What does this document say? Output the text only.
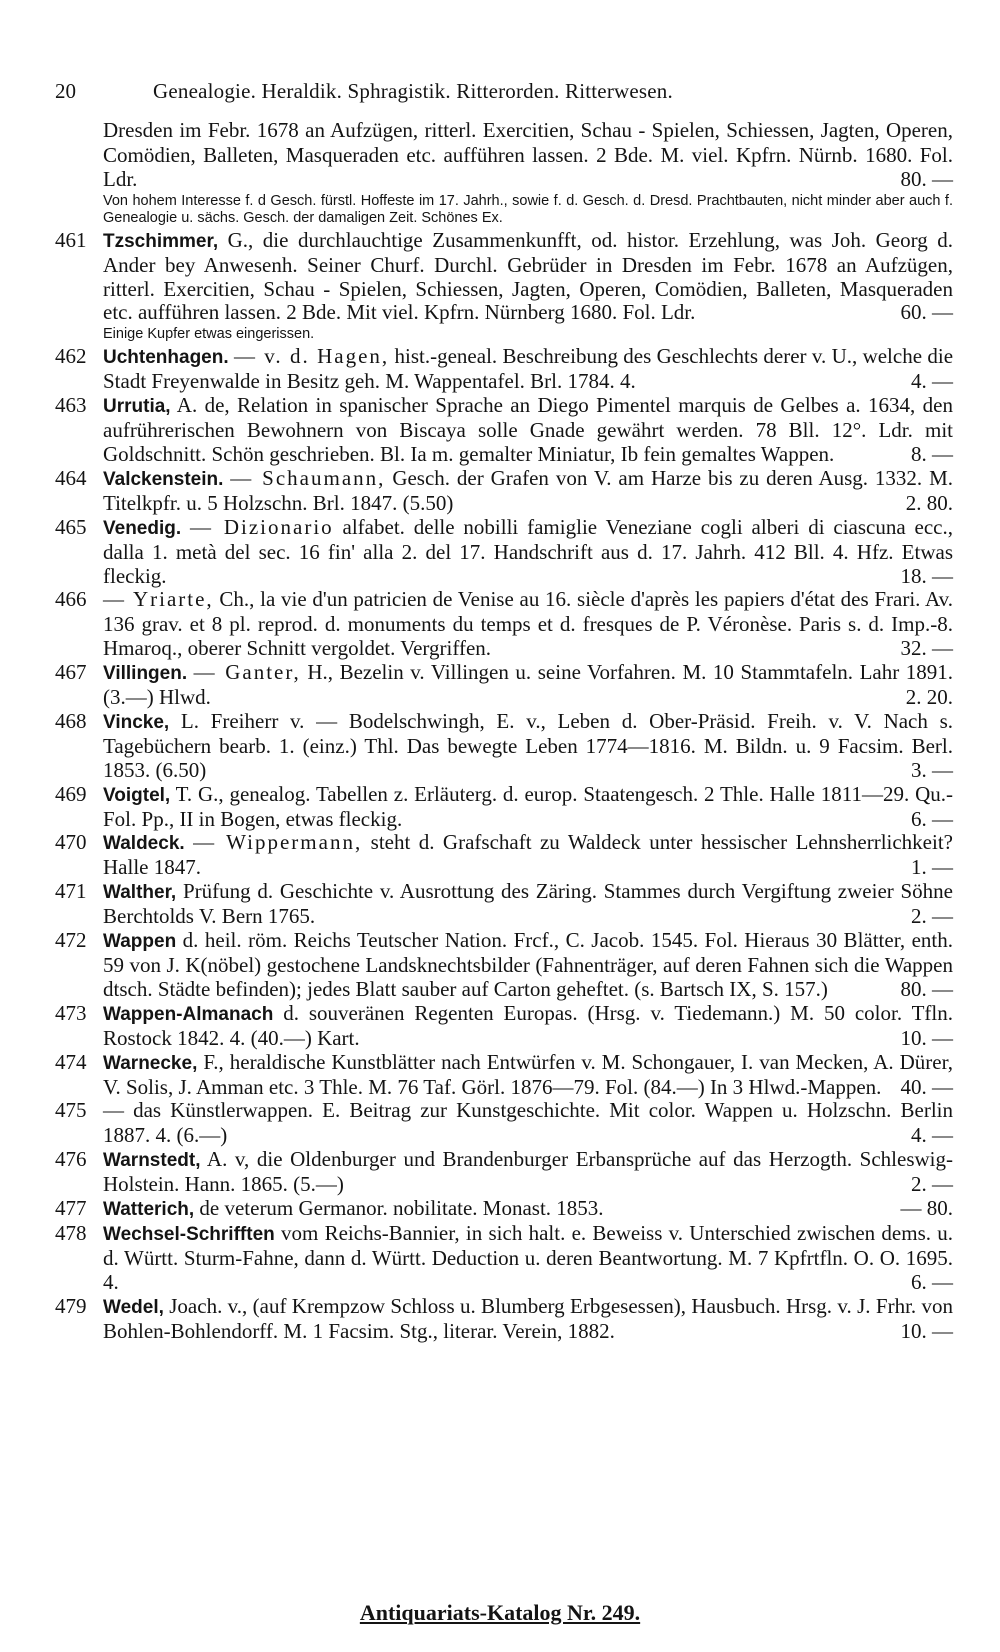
20	Genealogie. Heraldik. Sphragistik. Ritterorden. Ritterwesen.
Dresden im Febr. 1678 an Aufzügen, ritterl. Exercitien, Schau - Spielen, Schiessen, Jagten, Operen, Comödien, Balleten, Masqueraden etc. aufführen lassen. 2 Bde. M. viel. Kpfrn. Nürnb. 1680. Fol. Ldr.	80. —
Von hohem Interesse f. d Gesch. fürstl. Hoffeste im 17. Jahrh., sowie f. d. Gesch. d. Dresd. Prachtbauten, nicht minder aber auch f. Genealogie u. sächs. Gesch. der damaligen Zeit. Schönes Ex.
461 Tzschimmer, G., die durchlauchtige Zusammenkunfft, od. histor. Erzehlung, was Joh. Georg d. Ander bey Anwesenh. Seiner Churf. Durchl. Gebrüder in Dresden im Febr. 1678 an Aufzügen, ritterl. Exercitien, Schau - Spielen, Schiessen, Jagten, Operen, Comödien, Balleten, Masqueraden etc. aufführen lassen. 2 Bde. Mit viel. Kpfrn. Nürnberg 1680. Fol. Ldr.	60. —
Einige Kupfer etwas eingerissen.
462 Uchtenhagen. — v. d. Hagen, hist.-geneal. Beschreibung des Geschlechts derer v. U., welche die Stadt Freyenwalde in Besitz geh. M. Wappentafel. Brl. 1784. 4.	4. —
463 Urrutia, A. de, Relation in spanischer Sprache an Diego Pimentel marquis de Gelbes a. 1634, den aufrührerischen Bewohnern von Biscaya solle Gnade gewährt werden. 78 Bll. 12°. Ldr. mit Goldschnitt. Schön geschrieben. Bl. Ia m. gemalter Miniatur, Ib fein gemaltes Wappen.	8. —
464 Valckenstein. — Schaumann, Gesch. der Grafen von V. am Harze bis zu deren Ausg. 1332. M. Titelkpfr. u. 5 Holzschn. Brl. 1847. (5.50)	2. 80.
465 Venedig. — Dizionario alfabet. delle nobilli famiglie Veneziane cogli alberi di ciascuna ecc., dalla 1. metà del sec. 16 fin' alla 2. del 17. Handschrift aus d. 17. Jahrh. 412 Bll. 4. Hfz. Etwas fleckig.	18. —
466 — Yriarte, Ch., la vie d'un patricien de Venise au 16. siècle d'après les papiers d'état des Frari. Av. 136 grav. et 8 pl. reprod. d. monuments du temps et d. fresques de P. Véronèse. Paris s. d. Imp.-8. Hmaroq., oberer Schnitt vergoldet. Vergriffen.	32. —
467 Villingen. — Ganter, H., Bezelin v. Villingen u. seine Vorfahren. M. 10 Stammtafeln. Lahr 1891. (3.—) Hlwd.	2. 20.
468 Vincke, L. Freiherr v. — Bodelschwingh, E. v., Leben d. Ober-Präsid. Freih. v. V. Nach s. Tagebüchern bearb. 1. (einz.) Thl. Das bewegte Leben 1774—1816. M. Bildn. u. 9 Facsim. Berl. 1853. (6.50)	3. —
469 Voigtel, T. G., genealog. Tabellen z. Erläuterg. d. europ. Staatengesch. 2 Thle. Halle 1811—29. Qu.-Fol. Pp., II in Bogen, etwas fleckig.	6. —
470 Waldeck. — Wippermann, steht d. Grafschaft zu Waldeck unter hessischer Lehnsherrlichkeit? Halle 1847.	1. —
471 Walther, Prüfung d. Geschichte v. Ausrottung des Zäring. Stammes durch Vergiftung zweier Söhne Berchtolds V. Bern 1765.	2. —
472 Wappen d. heil. röm. Reichs Teutscher Nation. Frcf., C. Jacob. 1545. Fol. Hieraus 30 Blätter, enth. 59 von J. K(nöbel) gestochene Landsknechtsbilder (Fahnenträger, auf deren Fahnen sich die Wappen dtsch. Städte befinden); jedes Blatt sauber auf Carton geheftet. (s. Bartsch IX, S. 157.)	80. —
473 Wappen-Almanach d. souveränen Regenten Europas. (Hrsg. v. Tiedemann.) M. 50 color. Tfln. Rostock 1842. 4. (40.—) Kart.	10. —
474 Warnecke, F., heraldische Kunstblätter nach Entwürfen v. M. Schongauer, I. van Mecken, A. Dürer, V. Solis, J. Amman etc. 3 Thle. M. 76 Taf. Görl. 1876—79. Fol. (84.—) In 3 Hlwd.-Mappen. 40. —
475 — das Künstlerwappen. E. Beitrag zur Kunstgeschichte. Mit color. Wappen u. Holzschn. Berlin 1887. 4. (6.—)	4. —
476 Warnstedt, A. v, die Oldenburger und Brandenburger Erbansprüche auf das Herzogth. Schleswig-Holstein. Hann. 1865. (5.—)	2. —
477 Watterich, de veterum Germanor. nobilitate. Monast. 1853.	— 80.
478 Wechsel-Schrifften vom Reichs-Bannier, in sich halt. e. Beweiss v. Unterschied zwischen dems. u. d. Württ. Sturm-Fahne, dann d. Württ. Deduction u. deren Beantwortung. M. 7 Kpfrtfln. O. O. 1695. 4.	6. —
479 Wedel, Joach. v., (auf Krempzow Schloss u. Blumberg Erbgesessen), Hausbuch. Hrsg. v. J. Frhr. von Bohlen-Bohlendorff. M. 1 Facsim. Stg., literar. Verein, 1882.	10. —
Antiquariats-Katalog Nr. 249.
